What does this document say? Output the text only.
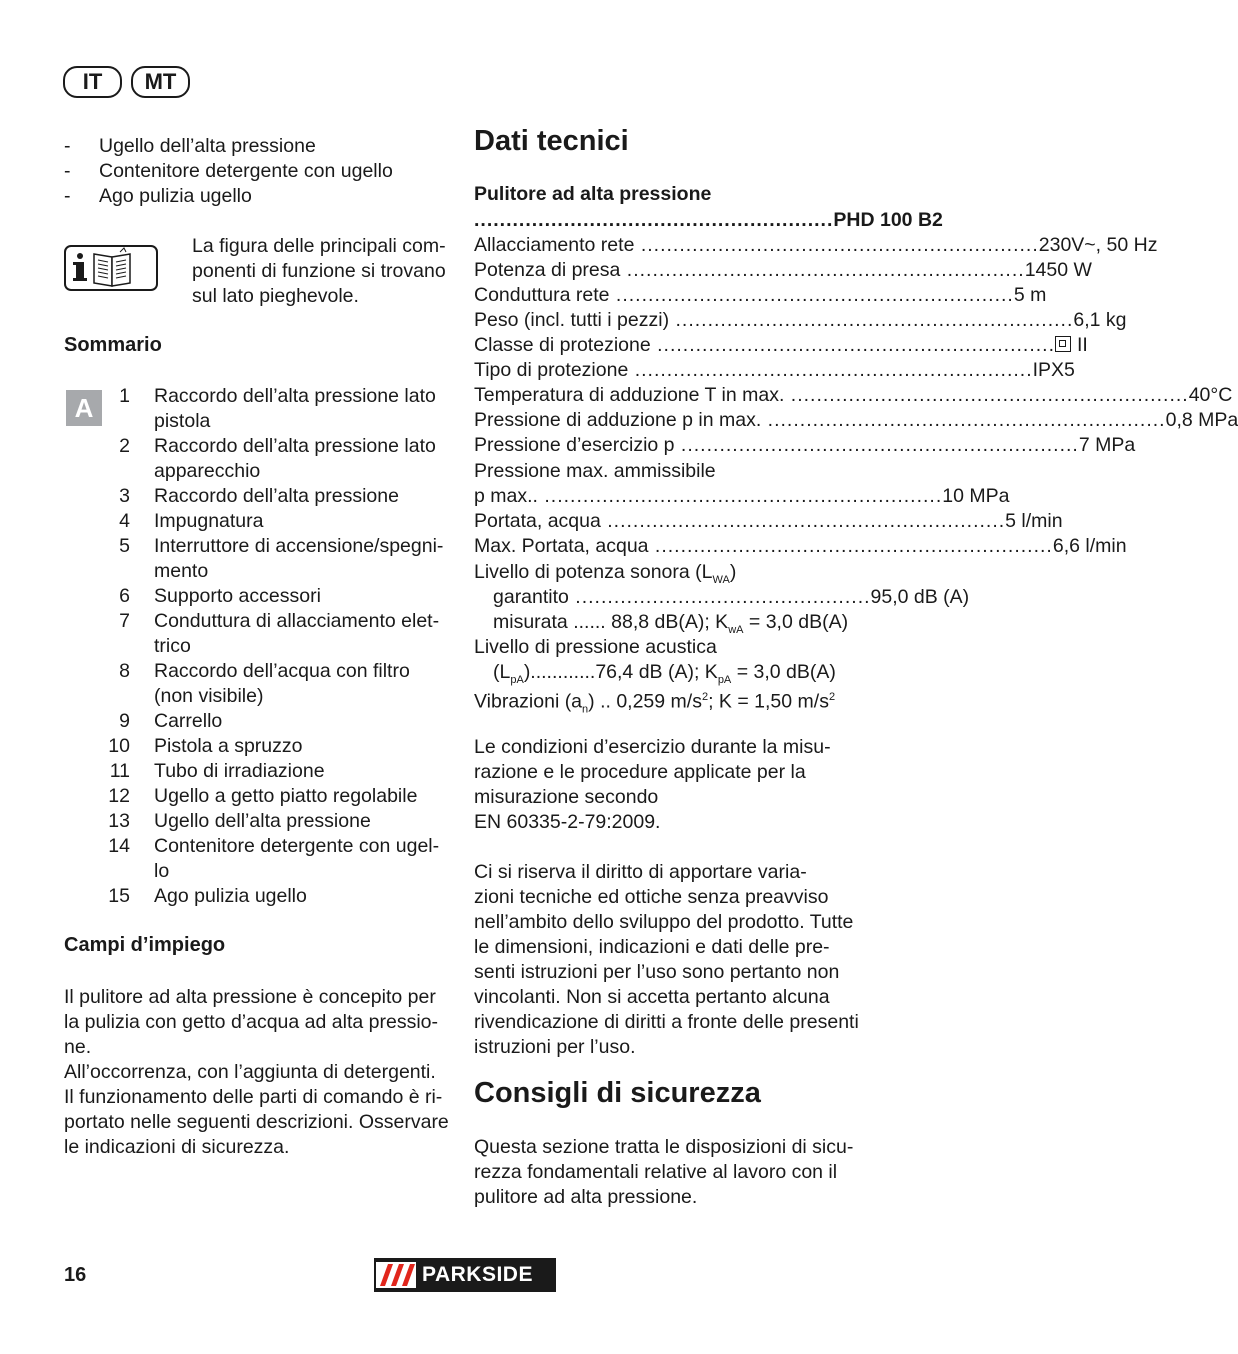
IT	MT
- Ugello dell’alta pressione
- Contenitore detergente con ugello
- Ago pulizia ugello
La figura delle principali com-
ponenti di funzione si trovano
sul lato pieghevole.
Sommario
A	1 Raccordo dell’alta pressione lato
pistola
2 Raccordo dell’alta pressione lato
apparecchio
3 Raccordo dell’alta pressione
4 Impugnatura
5 Interruttore di accensione/spegni-
mento
6 Supporto accessori
7 Conduttura di allacciamento elet-
trico
8 Raccordo dell’acqua con filtro
(non visibile)
9 Carrello
10 Pistola a spruzzo
11 Tubo di irradiazione
12 Ugello a getto piatto regolabile
13 Ugello dell’alta pressione
14 Contenitore detergente con ugel-
lo
15 Ago pulizia ugello
Campi d’impiego
Il pulitore ad alta pressione è concepito per
la pulizia con getto d’acqua ad alta pressio-
ne.
All’occorrenza, con l’aggiunta di detergenti.
Il funzionamento delle parti di comando è ri-
portato nelle seguenti descrizioni. Osservare
le indicazioni di sicurezza.
Dati tecnici
Pulitore ad alta pressione
........................................................ PHD 100 B2
Allacciamento rete .............................................................. 230V~, 50 Hz
Potenza di presa .............................................................. 1450 W
Conduttura rete .............................................................. 5 m
Peso (incl. tutti i pezzi) .............................................................. 6,1 kg
Classe di protezione ..............................................................	II
Tipo di protezione .............................................................. IPX5
Temperatura di adduzione T in max. .............................................................. 40°C
Pressione di adduzione p in max. .............................................................. 0,8 MPa
Pressione d’esercizio p .............................................................. 7 MPa
Pressione max. ammissibile
p max.. .............................................................. 10 MPa
Portata, acqua .............................................................. 5 l/min
Max. Portata, acqua .............................................................. 6,6 l/min
Livello di potenza sonora $(L_{WA})$
garantito .............................................. 95,0 dB (A)
misurata ...... 88,8 dB(A); $K_{wA} = 3,0$ dB(A)
Livello di pressione acustica
$(L_{pA})............76,4$ dB (A); $K_{pA} = 3,0$ dB(A)
Vibrazioni $(a_n)$ .. 0,259 $m/s^2$; K = 1,50 $m/s^2$
Le condizioni d’esercizio durante la misu-
razione e le procedure applicate per la
misurazione secondo
EN 60335-2-79:2009.
Ci si riserva il diritto di apportare varia-
zioni tecniche ed ottiche senza preavviso
nell’ambito dello sviluppo del prodotto. Tutte
le dimensioni, indicazioni e dati delle pre-
senti istruzioni per l’uso sono pertanto non
vincolanti. Non si accetta pertanto alcuna
rivendicazione di diritti a fronte delle presenti
istruzioni per l’uso.
Consigli di sicurezza
Questa sezione tratta le disposizioni di sicu-
rezza fondamentali relative al lavoro con il
pulitore ad alta pressione.
16	PARKSIDE
